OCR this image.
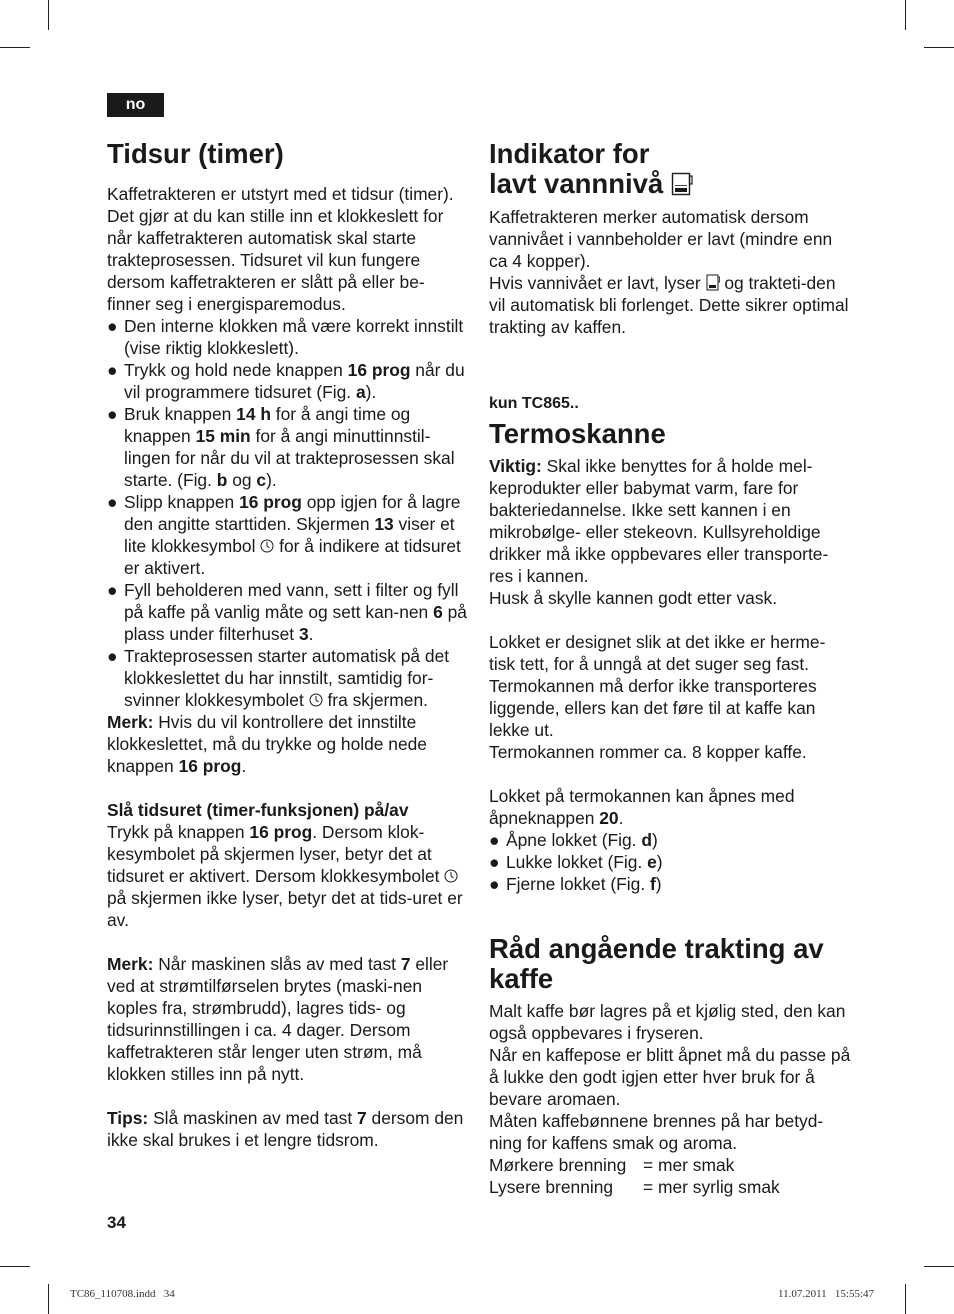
no
Tidsur (timer)

Kaffetrakteren er utstyrt med et tidsur (timer). Det gjør at du kan stille inn et klokkeslett for når kaffetrakteren automatisk skal starte trakteprosessen. Tidsuret vil kun fungere dersom kaffetrakteren er slått på eller be-finner seg i energisparemodus.

● Den interne klokken må være korrekt innstilt (vise riktig klokkeslett).
● Trykk og hold nede knappen 16 prog når du vil programmere tidsuret (Fig. a).
● Bruk knappen 14 h for å angi time og knappen 15 min for å angi minuttinnstil-lingen for når du vil at trakteprosessen skal starte. (Fig. b og c).
● Slipp knappen 16 prog opp igjen for å lagre den angitte starttiden. Skjermen 13 viser et lite klokkesymbol  for å indikere at tidsuret er aktivert.
● Fyll beholderen med vann, sett i filter og fyll på kaffe på vanlig måte og sett kan-nen 6 på plass under filterhuset 3.
● Trakteprosessen starter automatisk på det klokkeslettet du har innstilt, samtidig for-svinner klokkesymbolet  fra skjermen.

Merk: Hvis du vil kontrollere det innstilte klokkeslettet, må du trykke og holde nede knappen 16 prog.

Slå tidsuret (timer-funksjonen) på/av

Trykk på knappen 16 prog. Dersom klok-kesymbolet på skjermen lyser, betyr det at tidsuret er aktivert. Dersom klokkesymbolet  på skjermen ikke lyser, betyr det at tids-uret er av.

Merk: Når maskinen slås av med tast 7 eller ved at strømtilførselen brytes (maski-nen koples fra, strømbrudd), lagres tids- og tidsurinnstillingen i ca. 4 dager. Dersom kaffetrakteren står lenger uten strøm, må klokken stilles inn på nytt.

Tips: Slå maskinen av med tast 7 dersom den ikke skal brukes i et lengre tidsrom.

Indikator for
lavt vannnivå

Kaffetrakteren merker automatisk dersom vannivået i vannbeholder er lavt (mindre enn ca 4 kopper).

Hvis vannivået er lavt, lyser  og trakteti-den vil automatisk bli forlenget. Dette sikrer optimal trakting av kaffen.

kun TC865..

Termoskanne

Viktig: Skal ikke benyttes for å holde mel-keprodukter eller babymat varm, fare for bakteriedannelse. Ikke sett kannen i en mikrobølge- eller stekeovn. Kullsyreholdige drikker må ikke oppbevares eller transporte-res i kannen.

Husk å skylle kannen godt etter vask.

Lokket er designet slik at det ikke er herme-tisk tett, for å unngå at det suger seg fast. Termokannen må derfor ikke transporteres liggende, ellers kan det føre til at kaffe kan lekke ut.

Termokannen rommer ca. 8 kopper kaffe.

Lokket på termokannen kan åpnes med åpneknappen 20.

● Åpne lokket (Fig. d)
● Lukke lokket (Fig. e)
● Fjerne lokket (Fig. f)
Råd angående trakting av kaffe

Malt kaffe bør lagres på et kjølig sted, den kan også oppbevares i fryseren.

Når en kaffepose er blitt åpnet må du passe på å lukke den godt igjen etter hver bruk for å bevare aromaen.

Måten kaffebønnene brennes på har betyd-ning for kaffens smak og aroma.

Mørkere brenning = mer smak

Lysere brenning = mer syrlig smak

34
TC86_110708.indd   34	11.07.2011   15:55:47
